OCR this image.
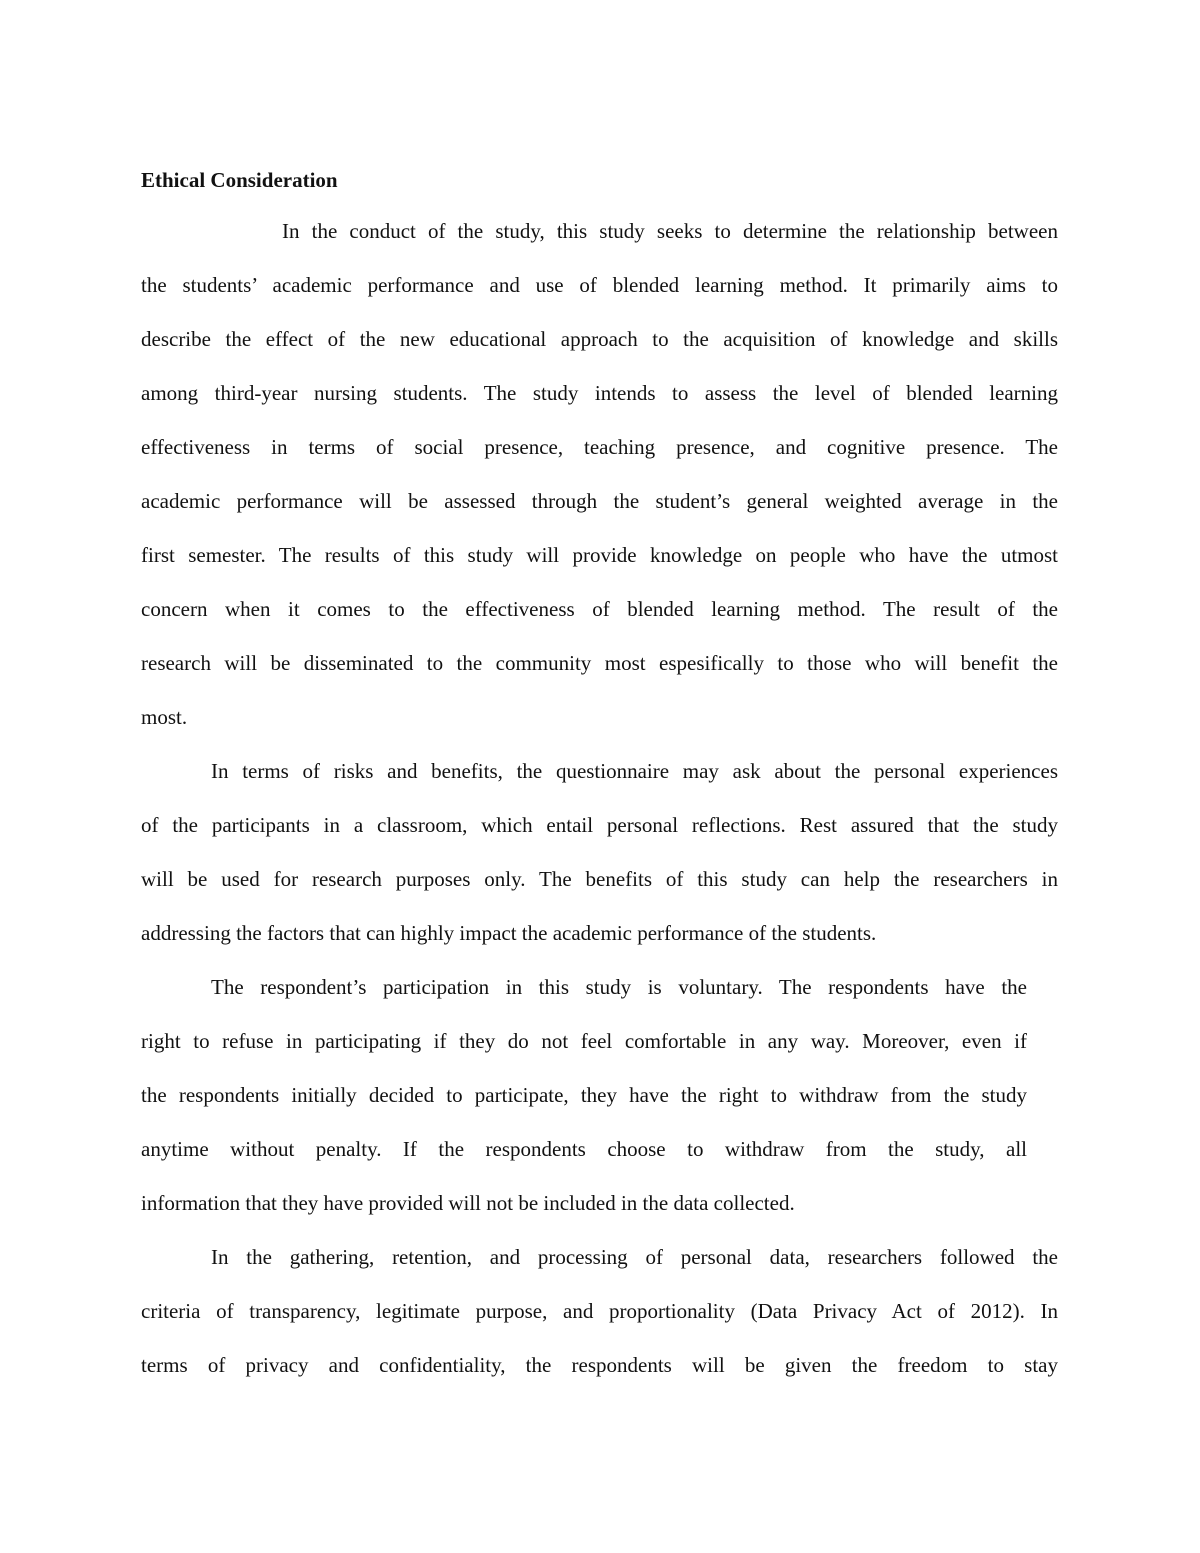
Ethical Consideration

In the conduct of the study, this study seeks to determine the relationship between

the students’ academic performance and use of blended learning method. It primarily aims to

describe the effect of the new educational approach to the acquisition of knowledge and skills

among third-year nursing students. The study intends to assess the level of blended learning

effectiveness in terms of social presence, teaching presence, and cognitive presence. The

academic performance will be assessed through the student’s general weighted average in the

first semester. The results of this study will provide knowledge on people who have the utmost

concern when it comes to the effectiveness of blended learning method. The result of the

research will be disseminated to the community most espesifically to those who will benefit the

most.

In terms of risks and benefits, the questionnaire may ask about the personal experiences

of the participants in a classroom, which entail personal reflections. Rest assured that the study

will be used for research purposes only. The benefits of this study can help the researchers in

addressing the factors that can highly impact the academic performance of the students.

The respondent’s participation in this study is voluntary. The respondents have the

right to refuse in participating if they do not feel comfortable in any way. Moreover, even if

the respondents initially decided to participate, they have the right to withdraw from the study

anytime without penalty. If the respondents choose to withdraw from the study, all

information that they have provided will not be included in the data collected.

In the gathering, retention, and processing of personal data, researchers followed the

criteria of transparency, legitimate purpose, and proportionality (Data Privacy Act of 2012). In

terms of privacy and confidentiality, the respondents will be given the freedom to stay
